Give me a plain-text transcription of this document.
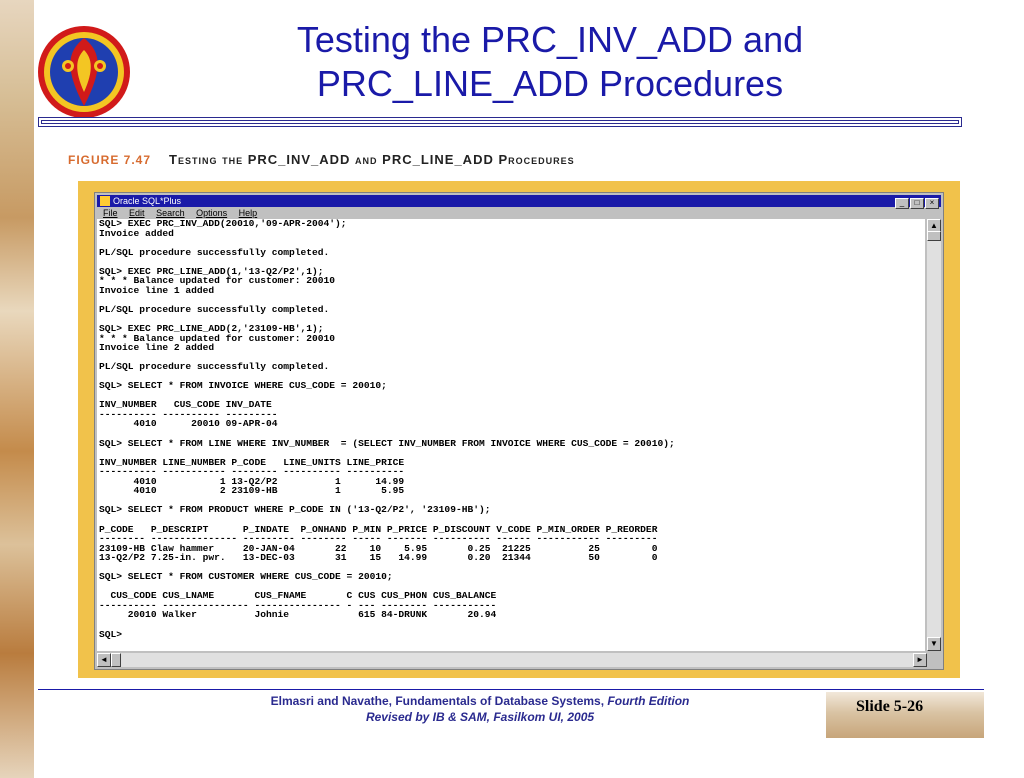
Testing the PRC_INV_ADD and
PRC_LINE_ADD Procedures
FIGURE 7.47 Testing the PRC_INV_ADD and PRC_LINE_ADD Procedures
Oracle SQL*Plus	_ □ ×
File Edit Search Options Help
SQL> EXEC PRC_INV_ADD(20010,'09-APR-2004');
Invoice added

PL/SQL procedure successfully completed.

SQL> EXEC PRC_LINE_ADD(1,'13-Q2/P2',1);
* * * Balance updated for customer: 20010
Invoice line 1 added

PL/SQL procedure successfully completed.

SQL> EXEC PRC_LINE_ADD(2,'23109-HB',1);
* * * Balance updated for customer: 20010
Invoice line 2 added

PL/SQL procedure successfully completed.

SQL> SELECT * FROM INVOICE WHERE CUS_CODE = 20010;

INV_NUMBER   CUS_CODE INV_DATE
---------- ---------- ---------
4010      20010 09-APR-04

SQL> SELECT * FROM LINE WHERE INV_NUMBER  = (SELECT INV_NUMBER FROM INVOICE WHERE CUS_CODE = 20010);

INV_NUMBER LINE_NUMBER P_CODE   LINE_UNITS LINE_PRICE
---------- ----------- -------- ---------- ----------
4010           1 13-Q2/P2          1      14.99
4010           2 23109-HB          1       5.95

SQL> SELECT * FROM PRODUCT WHERE P_CODE IN ('13-Q2/P2', '23109-HB');

P_CODE   P_DESCRIPT      P_INDATE  P_ONHAND P_MIN P_PRICE P_DISCOUNT V_CODE P_MIN_ORDER P_REORDER
-------- --------------- --------- -------- ----- ------- ---------- ------ ----------- ---------
23109-HB Claw hammer     20-JAN-04       22    10    5.95       0.25  21225          25         0
13-Q2/P2 7.25-in. pwr.   13-DEC-03       31    15   14.99       0.20  21344          50         0

SQL> SELECT * FROM CUSTOMER WHERE CUS_CODE = 20010;

CUS_CODE CUS_LNAME       CUS_FNAME       C CUS CUS_PHON CUS_BALANCE
---------- --------------- --------------- - --- -------- -----------
20010 Walker          Johnie            615 84-DRUNK       20.94

SQL>
▲
▼
◄	►
Elmasri and Navathe, Fundamentals of Database Systems, Fourth Edition
Revised by IB & SAM, Fasilkom UI, 2005
Slide 5-26
